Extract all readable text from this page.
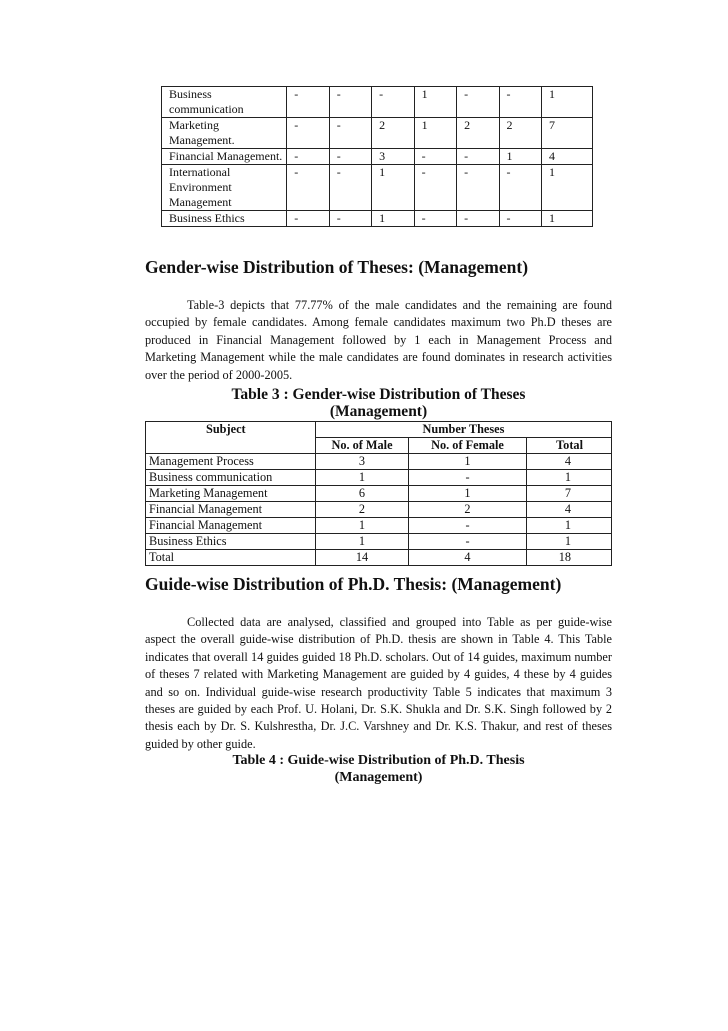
Business communication	-	-	-	1	-	-	1
Marketing Management.	-	-	2	1	2	2	7
Financial Management.	-	-	3	-	-	1	4
International Environment Management	-	-	1	-	-	-	1
Business Ethics	-	-	1	-	-	-	1
Gender-wise Distribution of Theses: (Management)
Table-3 depicts that 77.77% of the male candidates and the remaining are found occupied by female candidates. Among female candidates maximum two Ph.D theses are produced in Financial Management followed by 1 each in Management Process and Marketing Management while the male candidates are found dominates in research activities over the period of 2000-2005.
Table 3 : Gender-wise Distribution of Theses
(Management)
Subject	Number Theses		
	No. of Male	No. of Female	Total
Management Process	3	1	4
Business communication	1	-	1
Marketing Management	6	1	7
Financial Management	2	2	4
Financial Management	1	-	1
Business Ethics	1	-	1
Total	14	4	18
Guide-wise Distribution of Ph.D. Thesis: (Management)
Collected data are analysed, classified and grouped into Table as per guide-wise aspect the overall guide-wise distribution of Ph.D. thesis are shown in Table 4. This Table indicates that overall 14 guides guided 18 Ph.D. scholars. Out of 14 guides, maximum number of theses 7 related with Marketing Management are guided by 4 guides, 4 these by 4 guides and so on. Individual guide-wise research productivity Table 5 indicates that maximum 3 theses are guided by each Prof. U. Holani, Dr. S.K. Shukla and Dr. S.K. Singh followed by 2 thesis each by Dr. S. Kulshrestha, Dr. J.C. Varshney and Dr. K.S. Thakur, and rest of theses guided by other guide.
Table 4 : Guide-wise Distribution of Ph.D. Thesis
(Management)
